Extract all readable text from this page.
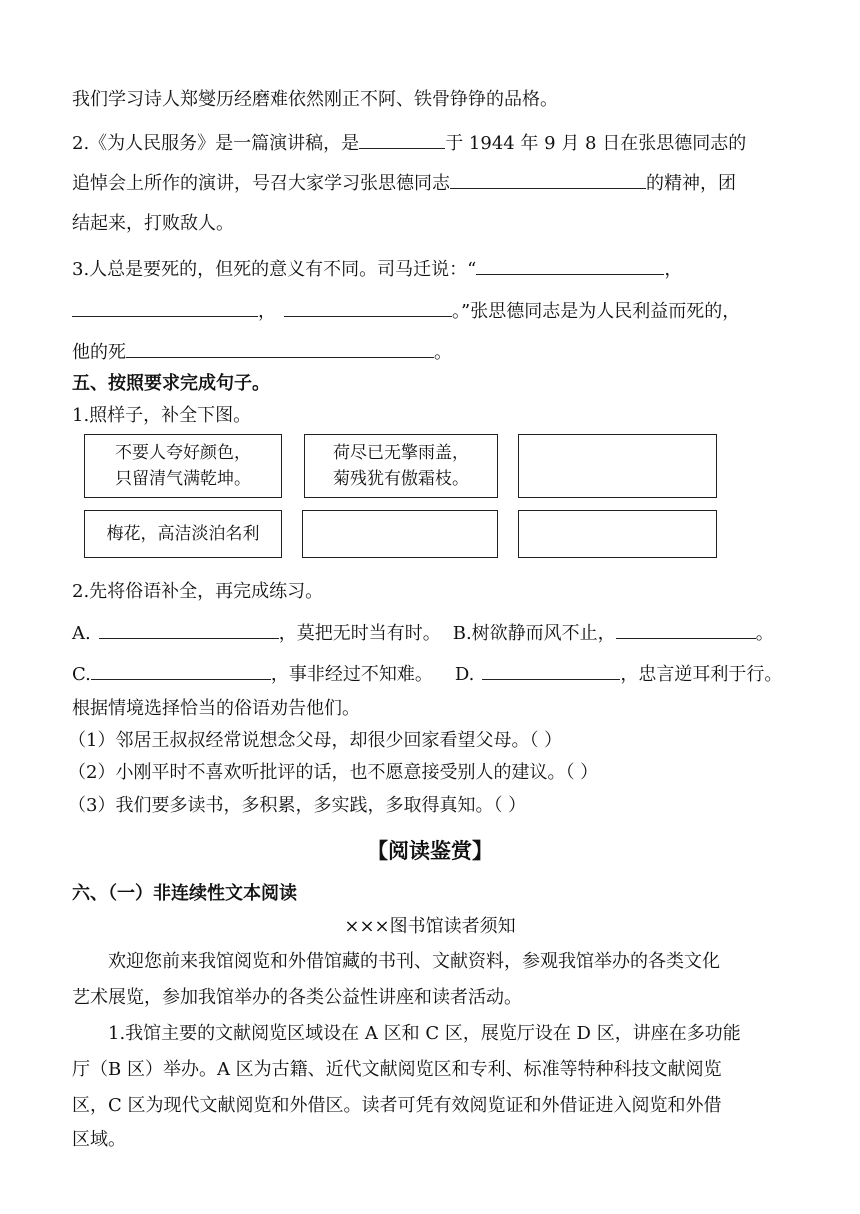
我们学习诗人郑燮历经磨难依然刚正不阿、铁骨铮铮的品格。
2.《为人民服务》是一篇演讲稿，是	于 1944 年 9 月 8 日在张思德同志的
追悼会上所作的演讲，号召大家学习张思德同志	的精神，团
结起来，打败敌人。
3.人总是要死的，但死的意义有不同。司马迁说：“	，
，	。”张思德同志是为人民利益而死的，
他的死	。
五、按照要求完成句子。
1.照样子，补全下图。
不要人夸好颜色，
只留清气满乾坤。
荷尽已无擎雨盖，
菊残犹有傲霜枝。
梅花，高洁淡泊名利
2.先将俗语补全，再完成练习。
A.	，莫把无时当有时。 B.树欲静而风不止，	。
C.	，事非经过不知难。 D.	，忠言逆耳利于行。
根据情境选择恰当的俗语劝告他们。
（1）邻居王叔叔经常说想念父母，却很少回家看望父母。（ ）
（2）小刚平时不喜欢听批评的话，也不愿意接受别人的建议。（ ）
（3）我们要多读书，多积累，多实践，多取得真知。（ ）
【阅读鉴赏】
六、（一）非连续性文本阅读
×××图书馆读者须知
欢迎您前来我馆阅览和外借馆藏的书刊、文献资料，参观我馆举办的各类文化
艺术展览，参加我馆举办的各类公益性讲座和读者活动。
1.我馆主要的文献阅览区域设在 A 区和 C 区，展览厅设在 D 区，讲座在多功能
厅（B 区）举办。A 区为古籍、近代文献阅览区和专利、标准等特种科技文献阅览
区，C 区为现代文献阅览和外借区。读者可凭有效阅览证和外借证进入阅览和外借
区域。
